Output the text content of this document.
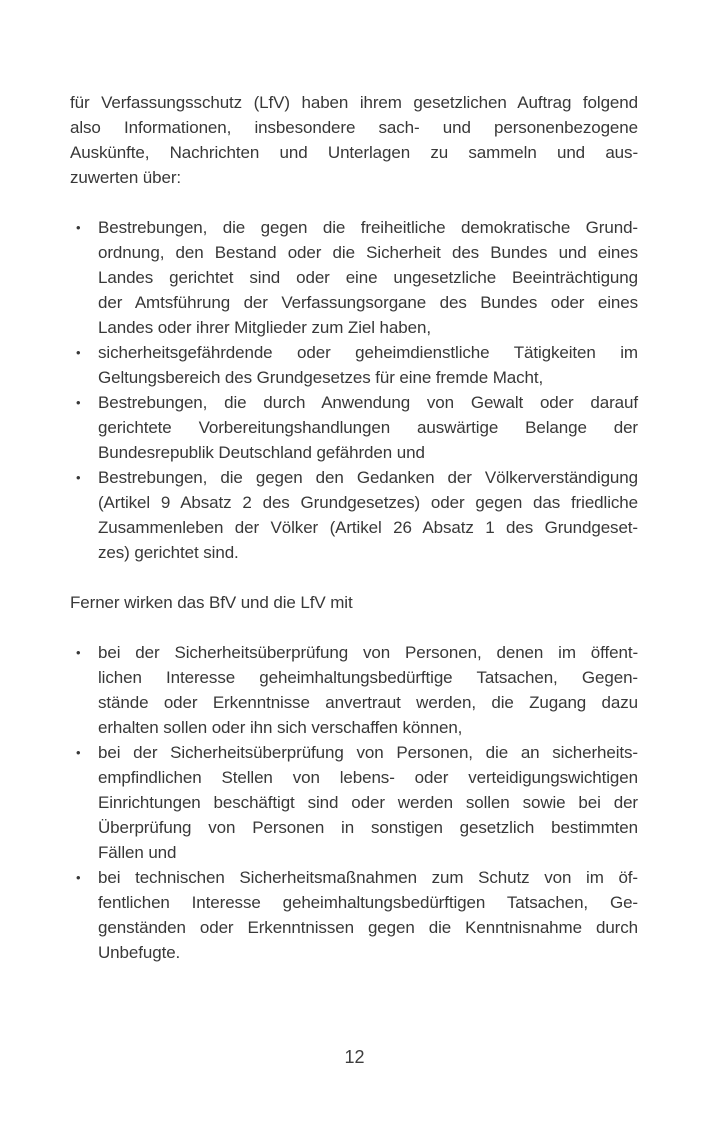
für Verfassungsschutz (LfV) haben ihrem gesetzlichen Auftrag folgend
also Informationen, insbesondere sach- und personenbezogene
Auskünfte, Nachrichten und Unterlagen zu sammeln und aus-
zuwerten über:
•	Bestrebungen, die gegen die freiheitliche demokratische Grund-
ordnung, den Bestand oder die Sicherheit des Bundes und eines
Landes gerichtet sind oder eine ungesetzliche Beeinträchtigung
der Amtsführung der Verfassungsorgane des Bundes oder eines
Landes oder ihrer Mitglieder zum Ziel haben,
•	sicherheitsgefährdende oder geheimdienstliche Tätigkeiten im
Geltungsbereich des Grundgesetzes für eine fremde Macht,
•	Bestrebungen, die durch Anwendung von Gewalt oder darauf
gerichtete Vorbereitungshandlungen auswärtige Belange der
Bundesrepublik Deutschland gefährden und
•	Bestrebungen, die gegen den Gedanken der Völkerverständigung
(Artikel 9 Absatz 2 des Grundgesetzes) oder gegen das friedliche
Zusammenleben der Völker (Artikel 26 Absatz 1 des Grundgeset-
zes) gerichtet sind.
Ferner wirken das BfV und die LfV mit
•	bei der Sicherheitsüberprüfung von Personen, denen im öffent-
lichen Interesse geheimhaltungsbedürftige Tatsachen, Gegen-
stände oder Erkenntnisse anvertraut werden, die Zugang dazu
erhalten sollen oder ihn sich verschaffen können,
•	bei der Sicherheitsüberprüfung von Personen, die an sicherheits-
empfindlichen Stellen von lebens- oder verteidigungswichtigen
Einrichtungen beschäftigt sind oder werden sollen sowie bei der
Überprüfung von Personen in sonstigen gesetzlich bestimmten
Fällen und
•	bei technischen Sicherheitsmaßnahmen zum Schutz von im öf-
fentlichen Interesse geheimhaltungsbedürftigen Tatsachen, Ge-
genständen oder Erkenntnissen gegen die Kenntnisnahme durch
Unbefugte.
12
